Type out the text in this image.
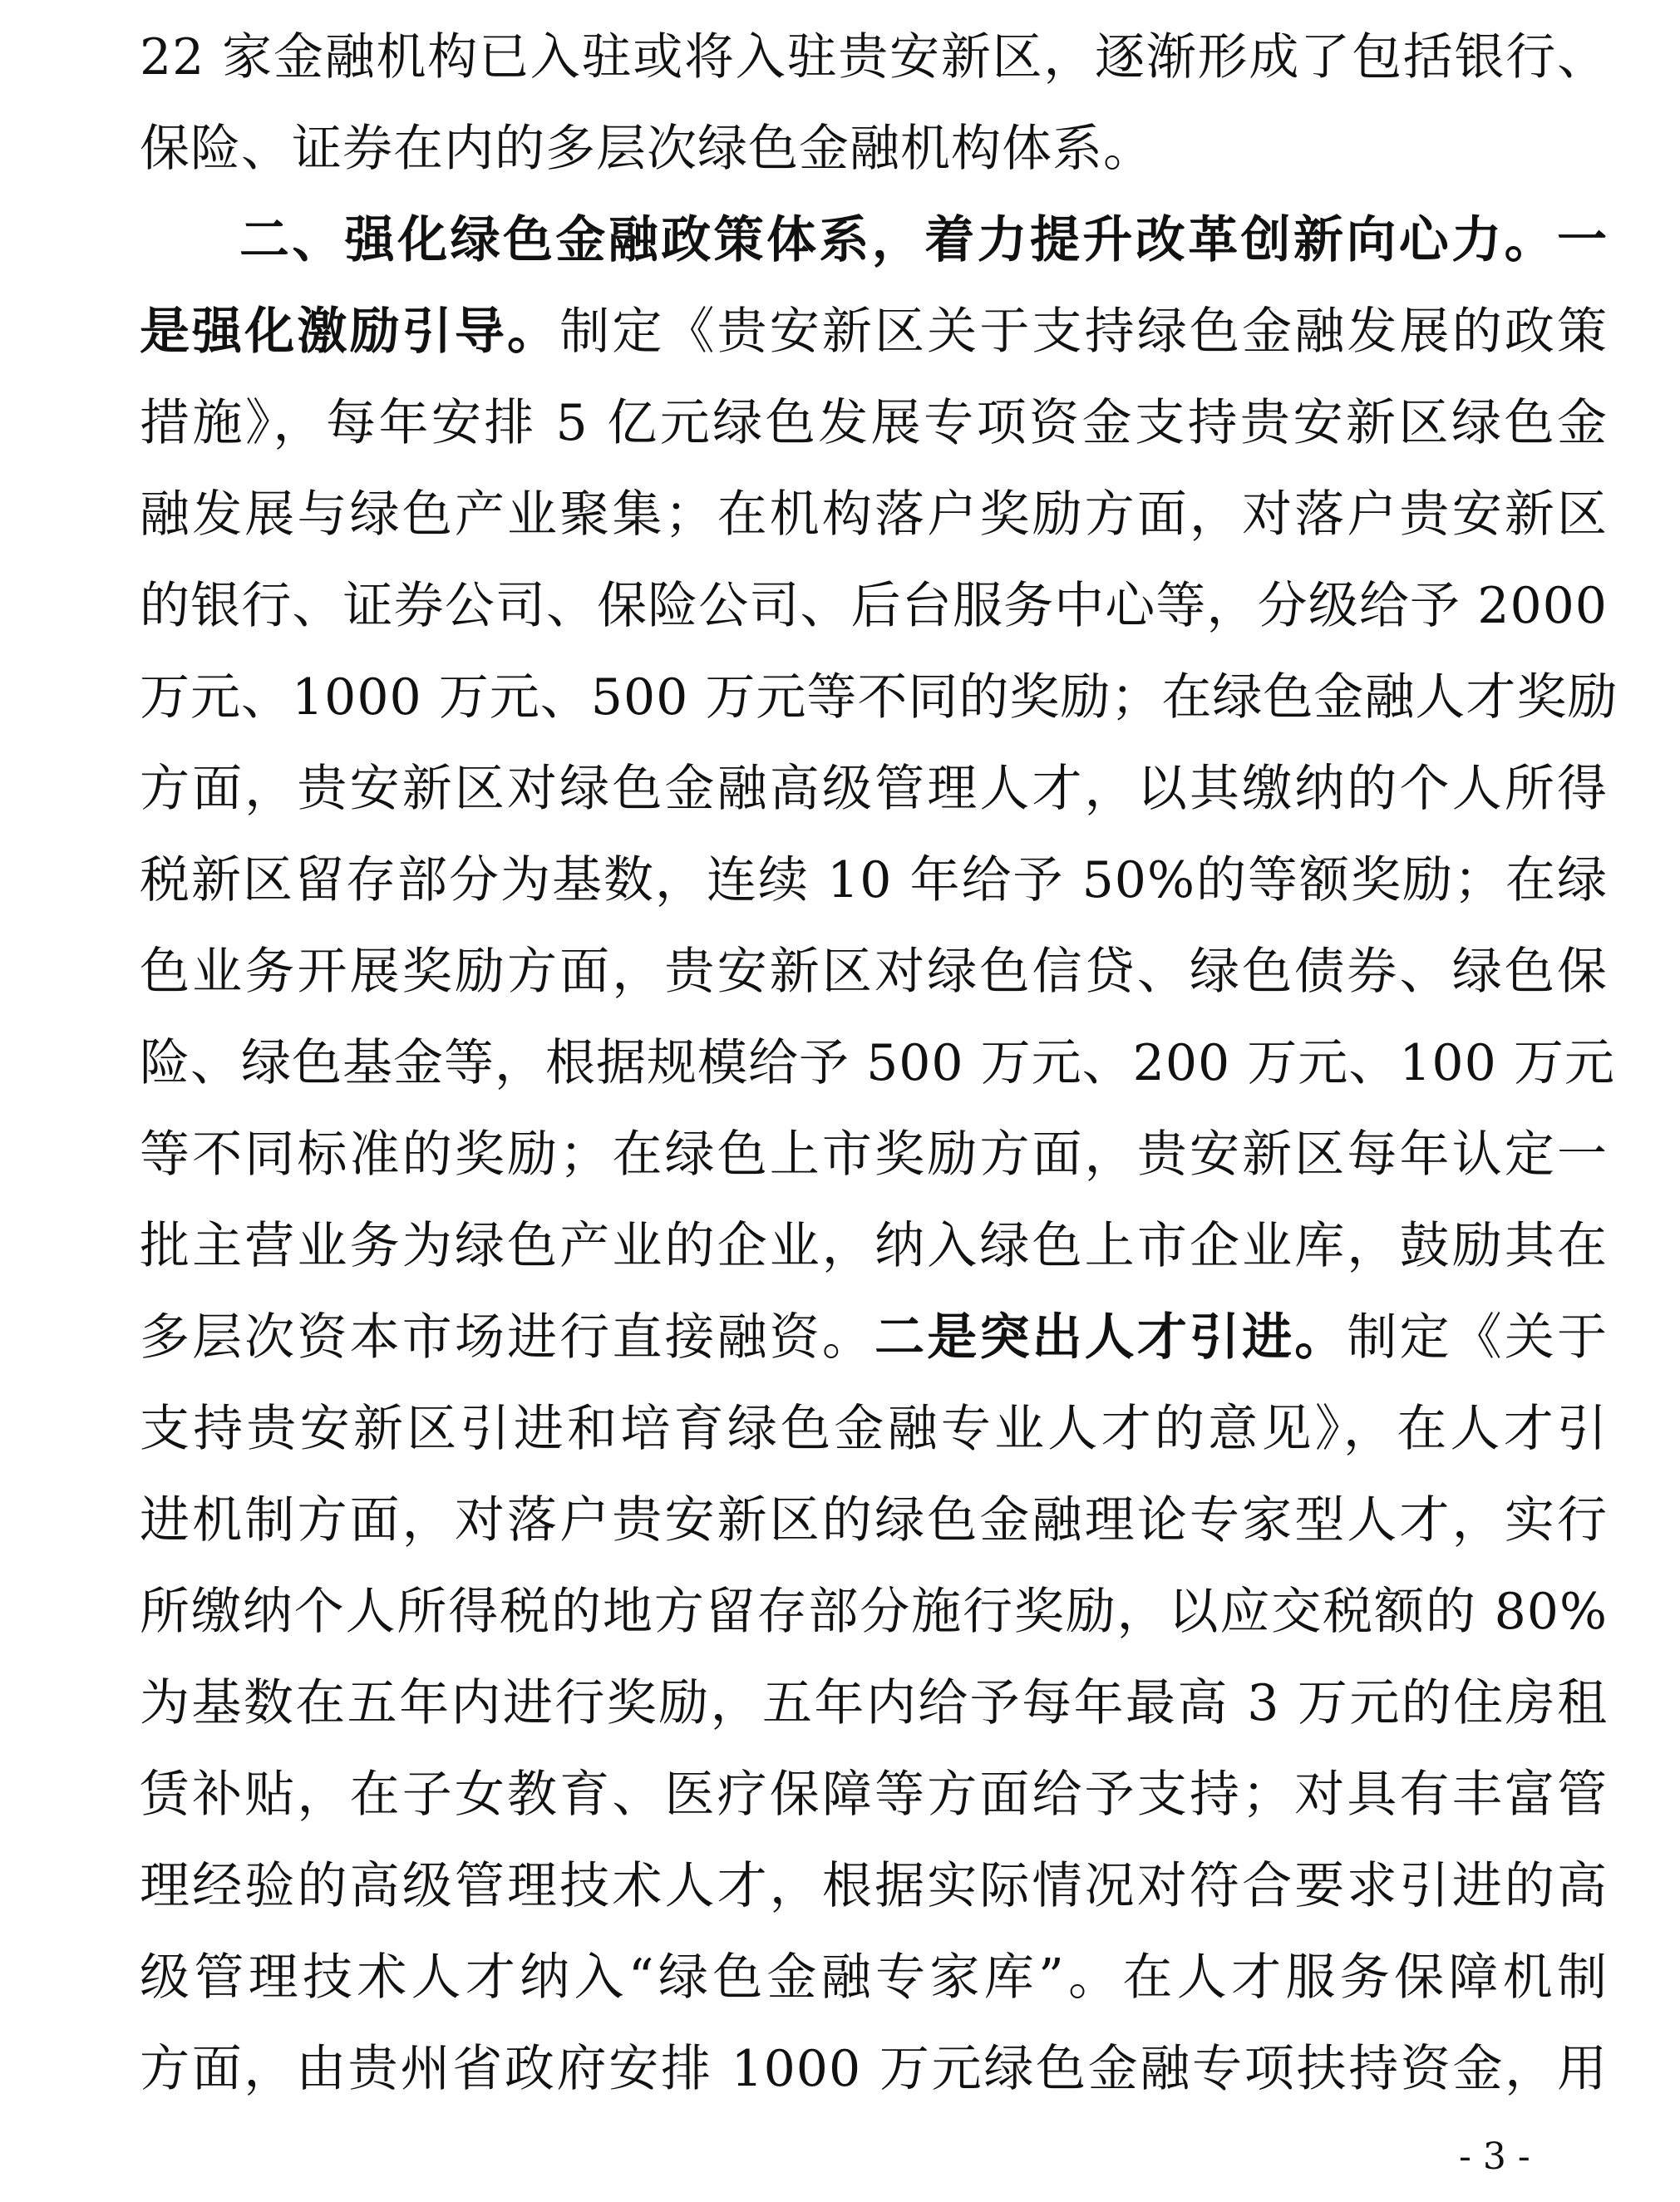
22 家金融机构已入驻或将入驻贵安新区，逐渐形成了包括银行、
保险、证券在内的多层次绿色金融机构体系。
二、强化绿色金融政策体系，着力提升改革创新向心力。一
是强化激励引导。制定《贵安新区关于支持绿色金融发展的政策
措施》，每年安排 5 亿元绿色发展专项资金支持贵安新区绿色金
融发展与绿色产业聚集；在机构落户奖励方面，对落户贵安新区
的银行、证券公司、保险公司、后台服务中心等，分级给予 2000
万元、1000 万元、500 万元等不同的奖励；在绿色金融人才奖励
方面，贵安新区对绿色金融高级管理人才，以其缴纳的个人所得
税新区留存部分为基数，连续 10 年给予 50%的等额奖励；在绿
色业务开展奖励方面，贵安新区对绿色信贷、绿色债券、绿色保
险、绿色基金等，根据规模给予 500 万元、200 万元、100 万元
等不同标准的奖励；在绿色上市奖励方面，贵安新区每年认定一
批主营业务为绿色产业的企业，纳入绿色上市企业库，鼓励其在
多层次资本市场进行直接融资。二是突出人才引进。制定《关于
支持贵安新区引进和培育绿色金融专业人才的意见》，在人才引
进机制方面，对落户贵安新区的绿色金融理论专家型人才，实行
所缴纳个人所得税的地方留存部分施行奖励，以应交税额的 80%
为基数在五年内进行奖励，五年内给予每年最高 3 万元的住房租
赁补贴，在子女教育、医疗保障等方面给予支持；对具有丰富管
理经验的高级管理技术人才，根据实际情况对符合要求引进的高
级管理技术人才纳入“绿色金融专家库”。在人才服务保障机制
方面，由贵州省政府安排 1000 万元绿色金融专项扶持资金，用
- 3 -
